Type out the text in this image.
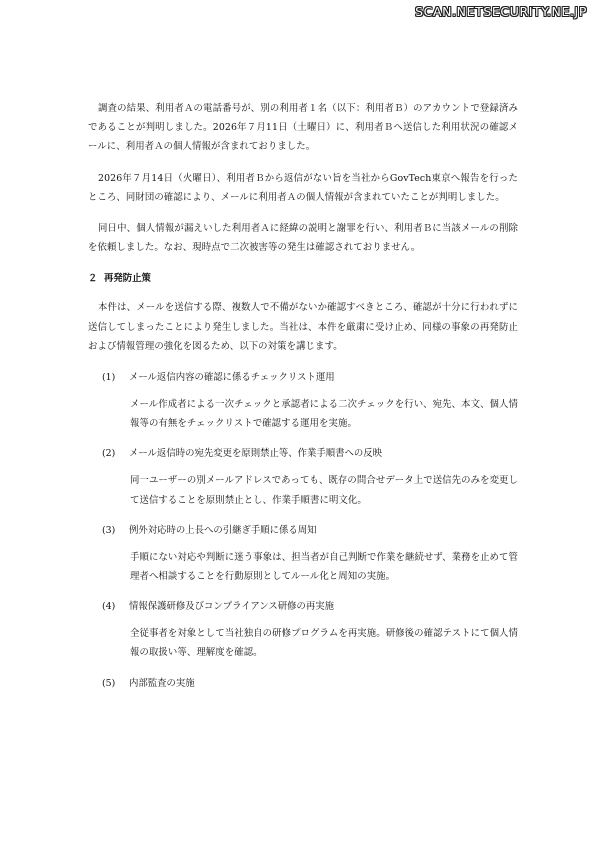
SCAN.NETSECURITY.NE.JP

調査の結果、利用者Ａの電話番号が、別の利用者１名（以下：利用者Ｂ）のアカウントで登録済みであることが判明しました。2026年７月11日（土曜日）に、利用者Ｂへ送信した利用状況の確認メールに、利用者Ａの個人情報が含まれておりました。

2026年７月14日（火曜日）、利用者Ｂから返信がない旨を当社からGovTech東京へ報告を行ったところ、同財団の確認により、メールに利用者Ａの個人情報が含まれていたことが判明しました。

同日中、個人情報が漏えいした利用者Ａに経緯の説明と謝罪を行い、利用者Ｂに当該メールの削除を依頼しました。なお、現時点で二次被害等の発生は確認されておりません。

２ 再発防止策

本件は、メールを送信する際、複数人で不備がないか確認すべきところ、確認が十分に行われずに送信してしまったことにより発生しました。当社は、本件を厳粛に受け止め、同様の事象の再発防止および情報管理の強化を図るため、以下の対策を講じます。

(1) メール返信内容の確認に係るチェックリスト運用

メール作成者による一次チェックと承認者による二次チェックを行い、宛先、本文、個人情報等の有無をチェックリストで確認する運用を実施。

(2) メール返信時の宛先変更を原則禁止等、作業手順書への反映

同一ユーザーの別メールアドレスであっても、既存の問合せデータ上で送信先のみを変更して送信することを原則禁止とし、作業手順書に明文化。

(3) 例外対応時の上長への引継ぎ手順に係る周知

手順にない対応や判断に迷う事象は、担当者が自己判断で作業を継続せず、業務を止めて管理者へ相談することを行動原則としてルール化と周知の実施。

(4) 情報保護研修及びコンプライアンス研修の再実施

全従事者を対象として当社独自の研修プログラムを再実施。研修後の確認テストにて個人情報の取扱い等、理解度を確認。

(5) 内部監査の実施
